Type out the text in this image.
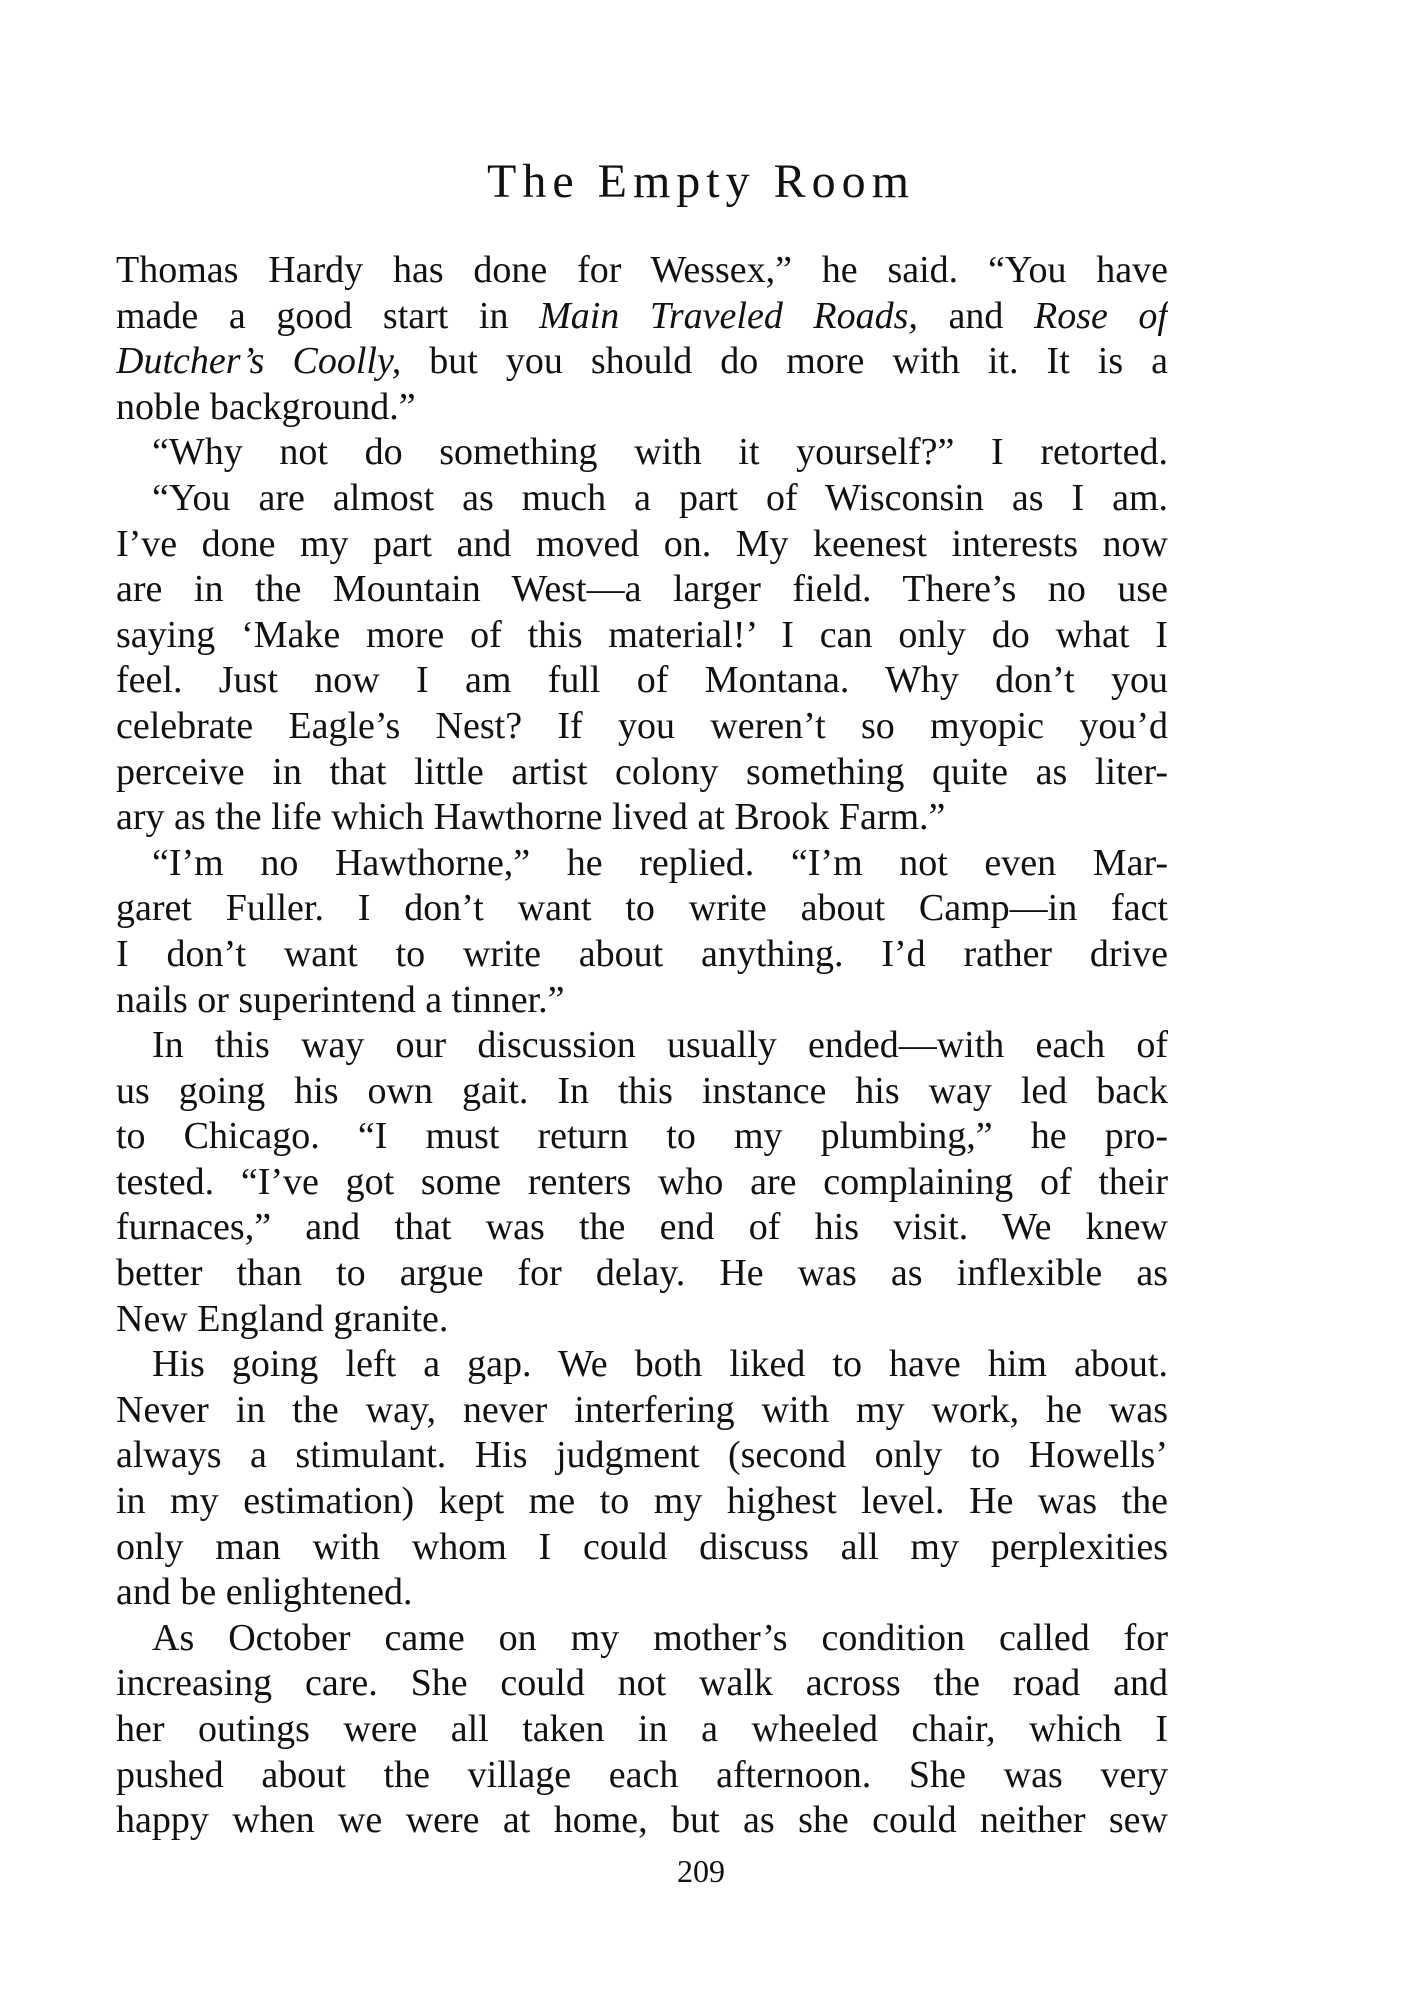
The Empty Room
Thomas Hardy has done for Wessex,” he said. “You have
made a good start in Main Traveled Roads, and Rose of
Dutcher’s Coolly, but you should do more with it. It is a
noble background.”
“Why not do something with it yourself?” I retorted.
“You are almost as much a part of Wisconsin as I am.
I’ve done my part and moved on. My keenest interests now
are in the Mountain West—a larger field. There’s no use
saying ‘Make more of this material!’ I can only do what I
feel. Just now I am full of Montana. Why don’t you
celebrate Eagle’s Nest? If you weren’t so myopic you’d
perceive in that little artist colony something quite as liter-
ary as the life which Hawthorne lived at Brook Farm.”
“I’m no Hawthorne,” he replied. “I’m not even Mar-
garet Fuller. I don’t want to write about Camp—in fact
I don’t want to write about anything. I’d rather drive
nails or superintend a tinner.”
In this way our discussion usually ended—with each of
us going his own gait. In this instance his way led back
to Chicago. “I must return to my plumbing,” he pro-
tested. “I’ve got some renters who are complaining of their
furnaces,” and that was the end of his visit. We knew
better than to argue for delay. He was as inflexible as
New England granite.
His going left a gap. We both liked to have him about.
Never in the way, never interfering with my work, he was
always a stimulant. His judgment (second only to Howells’
in my estimation) kept me to my highest level. He was the
only man with whom I could discuss all my perplexities
and be enlightened.
As October came on my mother’s condition called for
increasing care. She could not walk across the road and
her outings were all taken in a wheeled chair, which I
pushed about the village each afternoon. She was very
happy when we were at home, but as she could neither sew
209
